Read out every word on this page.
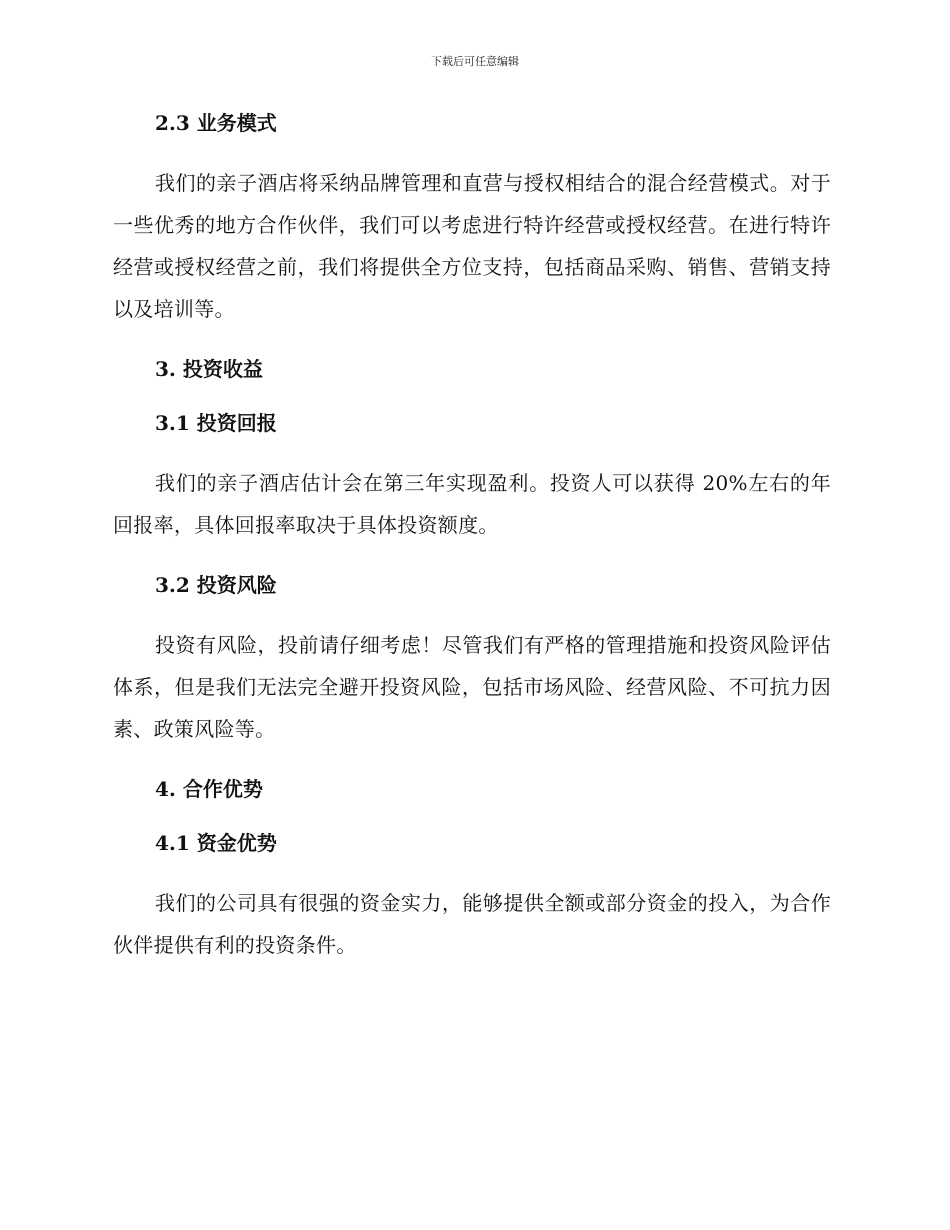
下载后可任意编辑
2.3 业务模式

我们的亲子酒店将采纳品牌管理和直营与授权相结合的混合经营模式。对于一些优秀的地方合作伙伴，我们可以考虑进行特许经营或授权经营。在进行特许经营或授权经营之前，我们将提供全方位支持，包括商品采购、销售、营销支持以及培训等。

3. 投资收益
3.1 投资回报

我们的亲子酒店估计会在第三年实现盈利。投资人可以获得 20%左右的年回报率，具体回报率取决于具体投资额度。

3.2 投资风险

投资有风险，投前请仔细考虑！尽管我们有严格的管理措施和投资风险评估体系，但是我们无法完全避开投资风险，包括市场风险、经营风险、不可抗力因素、政策风险等。

4. 合作优势
4.1 资金优势

我们的公司具有很强的资金实力，能够提供全额或部分资金的投入，为合作伙伴提供有利的投资条件。
